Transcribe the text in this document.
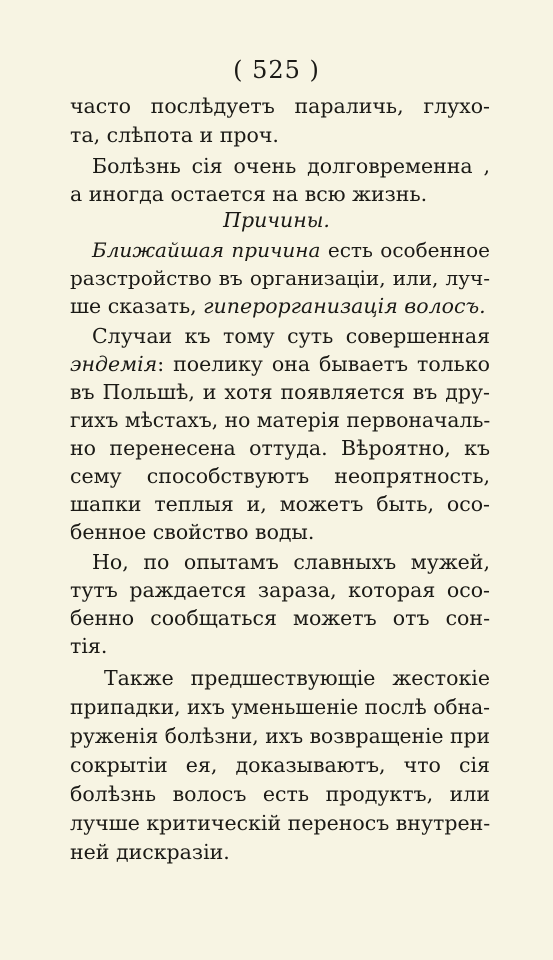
( 525 )
часто послѣдуетъ параличь, глухо-
та, слѣпота и проч.
Болѣзнь сія очень долговременна ,
а иногда остается на всю жизнь.
Причины.
Ближайшая причина есть особенное
разстройство въ организаціи, или, луч-
ше сказать, гиперорганизація волосъ.
Случаи къ тому суть совершенная
эндемія: поелику она бываетъ только
въ Польшѣ, и хотя появляется въ дру-
гихъ мѣстахъ, но матерія первоначаль-
но перенесена оттуда. Вѣроятно, къ
сему способствуютъ неопрятность,
шапки теплыя и, можетъ быть, осо-
бенное свойство воды.
Но, по опытамъ славныхъ мужей,
тутъ раждается зараза, которая осо-
бенно сообщаться можетъ отъ сон-
тія.
Также предшествующіе жестокіе
припадки, ихъ уменьшеніе послѣ обна-
руженія болѣзни, ихъ возвращеніе при
сокрытіи ея, доказываютъ, что сія
болѣзнь волосъ есть продуктъ, или
лучше критическій переносъ внутрен-
ней дискразіи.
